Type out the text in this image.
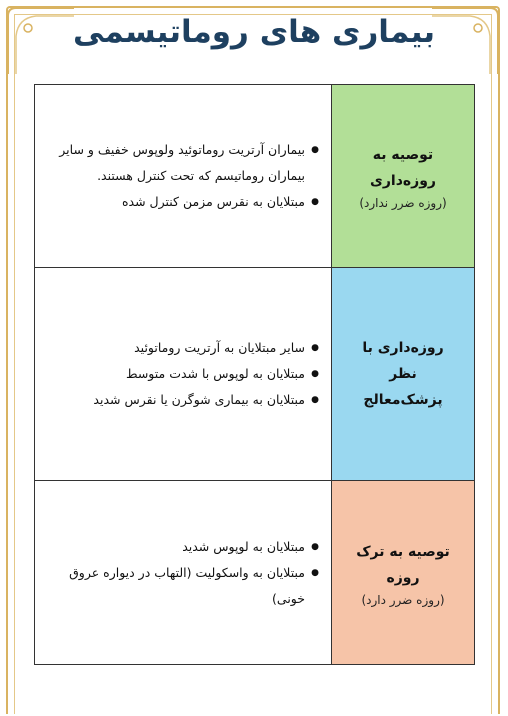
بیماری های روماتیسمی
توصیه به روزه‌داری
(روزه ضرر ندارد)
● بیماران آرتریت روماتوئید ولوپوس خفیف و سایر بیماران روماتیسم که تحت کنترل هستند.
● مبتلایان به نقرس مزمن کنترل شده
روزه‌داری با نظر پزشک‌معالج
● سایر مبتلایان به آرتریت روماتوئید
● مبتلایان به لوپوس با شدت متوسط
● مبتلایان به بیماری شوگرن یا نقرس شدید
توصیه به ترک روزه
(روزه ضرر دارد)
● مبتلایان به لوپوس شدید
● مبتلایان به واسکولیت (التهاب در دیواره عروق خونی)
